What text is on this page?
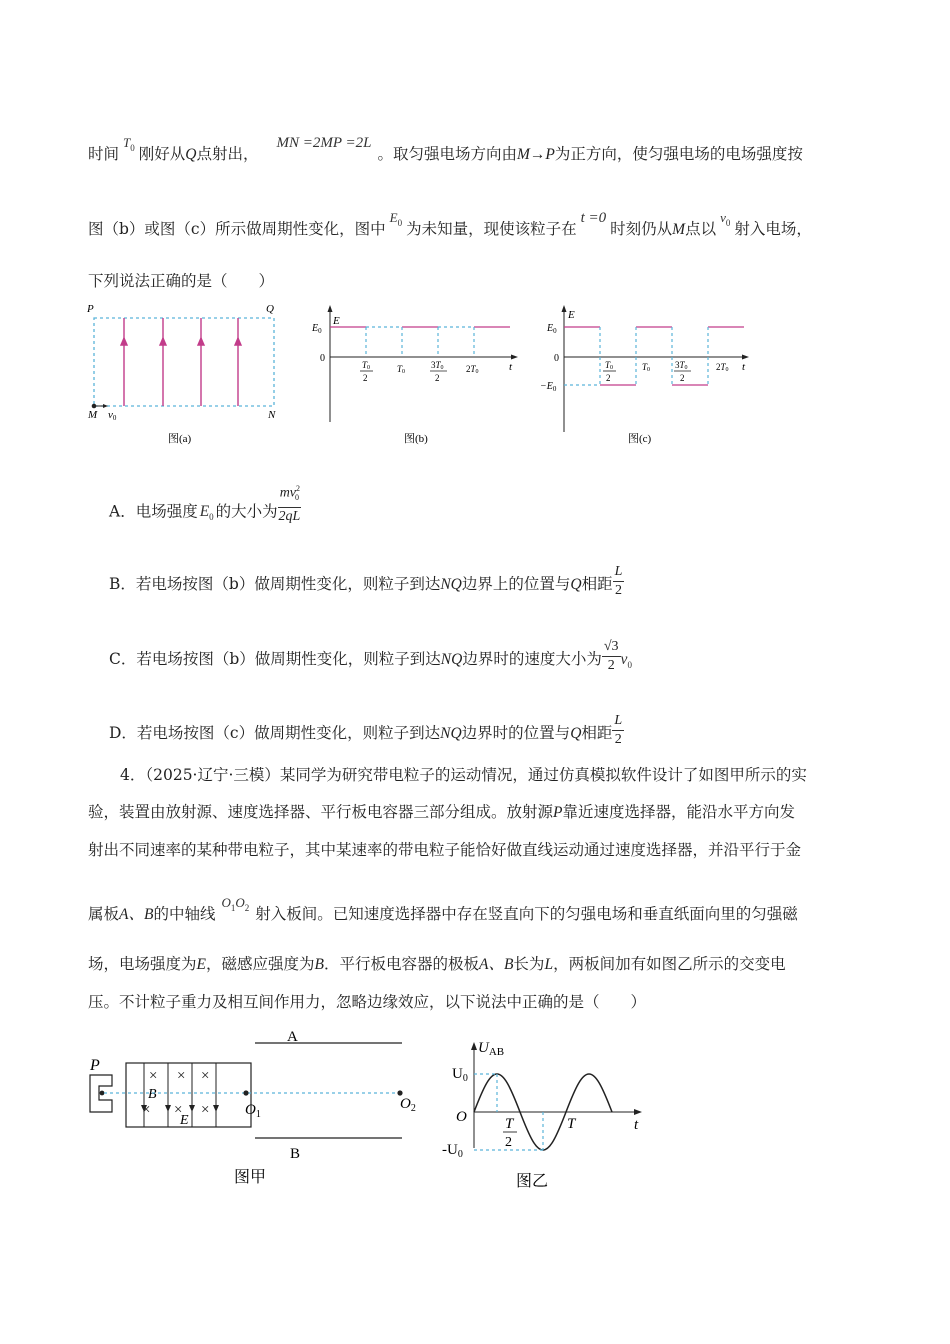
时间$^{T_0}$ 刚好从Q点射出，MN =2MP =2L。取匀强电场方向由M→P为正方向，使匀强电场的电场强度按
图（b）或图（c）所示做周期性变化，图中$^{E_0}$ 为未知量，现使该粒子在t =0时刻仍从M点以$^{v_0}$ 射入电场，
下列说法正确的是（　　）
P	Q
M v0	N
图(a)
E
$E_0$
0
t
T0
2
T0
3T0
2
2T0
图(b)
E
$E_0$
0
$-E_0$
t
T0
2
T0	3T0
2
2T0
图(c)
A．电场强度 $E_0$ 的大小为 $\frac{mv^2_0}{2qL}$
B．若电场按图（b）做周期性变化，则粒子到达NQ边界上的位置与Q相距 $\frac{L}{2}$
C．若电场按图（b）做周期性变化，则粒子到达NQ边界时的速度大小为 $\frac{√3}{2} v_0$
D．若电场按图（c）做周期性变化，则粒子到达NQ边界时的位置与Q相距 $\frac{L}{2}$
4．（2025·辽宁·三模）某同学为研究带电粒子的运动情况，通过仿真模拟软件设计了如图甲所示的实
验，装置由放射源、速度选择器、平行板电容器三部分组成。放射源P靠近速度选择器，能沿水平方向发
射出不同速率的某种带电粒子，其中某速率的带电粒子能恰好做直线运动通过速度选择器，并沿平行于金
属板A、B的中轴线$^{O_1O_2}$ 射入板间。已知速度选择器中存在竖直向下的匀强电场和垂直纸面向里的匀强磁
场，电场强度为E，磁感应强度为B．平行板电容器的极板A、B长为L，两板间加有如图乙所示的交变电
压。不计粒子重力及相互间作用力，忽略边缘效应，以下说法中正确的是（　　）
A
B
P
× × ×
× × ×
B
E
$O_1$
$O_2$
图甲
$U_{AB}$
$U_0$
O
$-U_0$
t
T
T
2
图乙
